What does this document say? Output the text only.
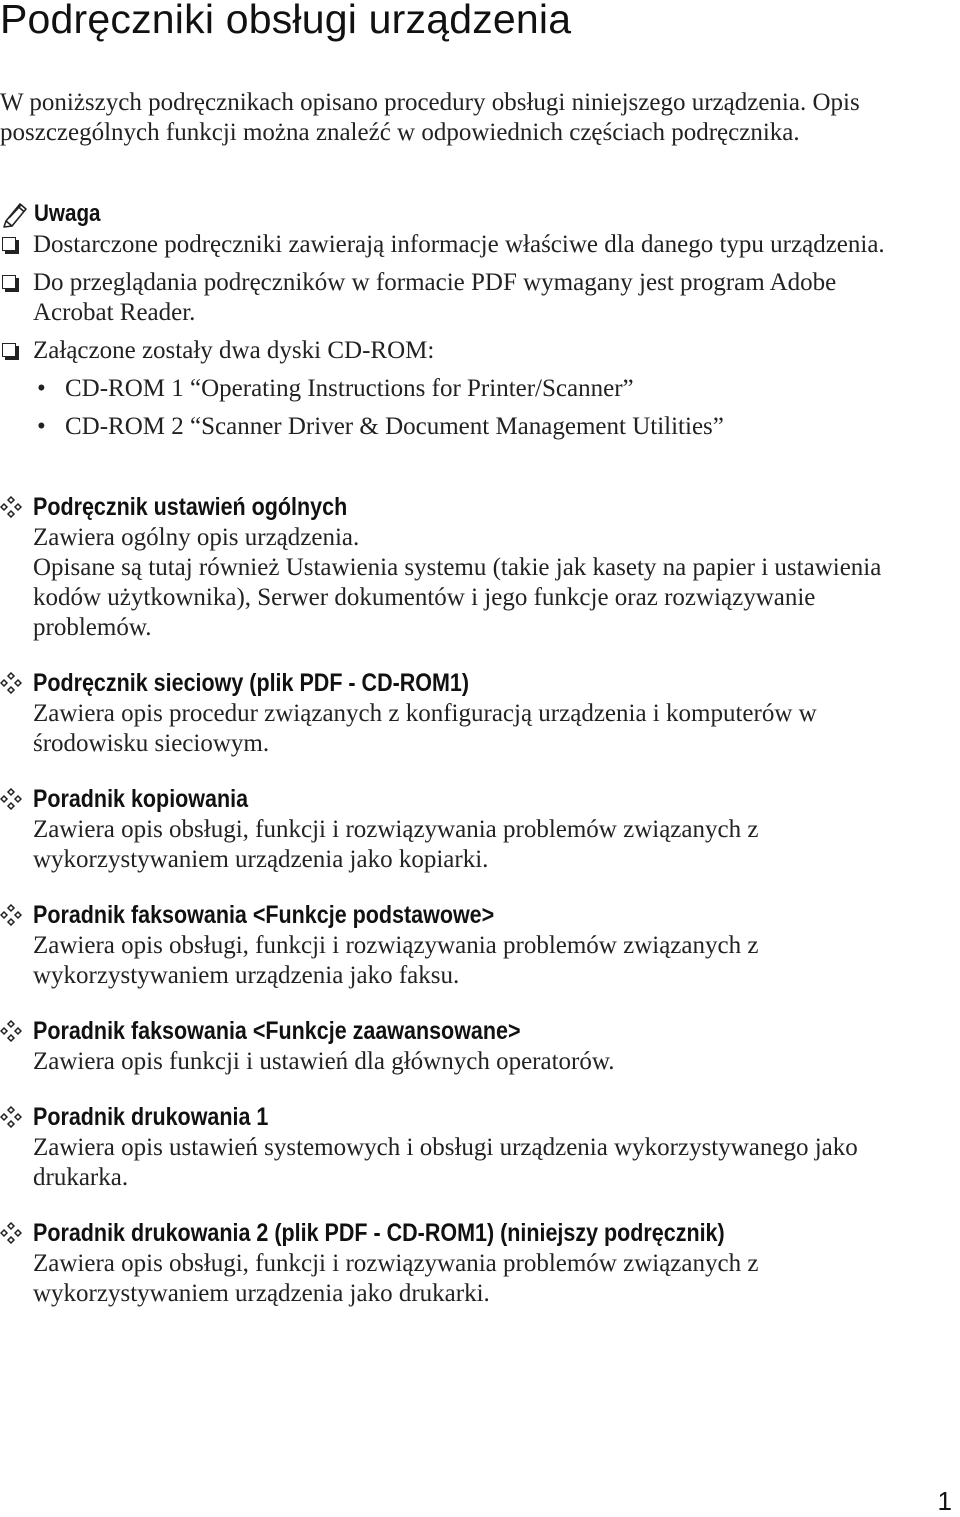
Podręczniki obsługi urządzenia

W poniższych podręcznikach opisano procedury obsługi niniejszego urządzenia. Opis poszczególnych funkcji można znaleźć w odpowiednich częściach podręcznika.

Uwaga
Dostarczone podręczniki zawierają informacje właściwe dla danego typu urządzenia.
Do przeglądania podręczników w formacie PDF wymagany jest program Adobe Acrobat Reader.
Załączone zostały dwa dyski CD-ROM:
• CD-ROM 1 “Operating Instructions for Printer/Scanner”
• CD-ROM 2 “Scanner Driver & Document Management Utilities”
Podręcznik ustawień ogólnych

Zawiera ogólny opis urządzenia.

Opisane są tutaj również Ustawienia systemu (takie jak kasety na papier i ustawienia kodów użytkownika), Serwer dokumentów i jego funkcje oraz rozwiązywanie problemów.

Podręcznik sieciowy (plik PDF - CD-ROM1)

Zawiera opis procedur związanych z konfiguracją urządzenia i komputerów w środowisku sieciowym.

Poradnik kopiowania

Zawiera opis obsługi, funkcji i rozwiązywania problemów związanych z wykorzystywaniem urządzenia jako kopiarki.

Poradnik faksowania <Funkcje podstawowe>

Zawiera opis obsługi, funkcji i rozwiązywania problemów związanych z wykorzystywaniem urządzenia jako faksu.

Poradnik faksowania <Funkcje zaawansowane>

Zawiera opis funkcji i ustawień dla głównych operatorów.

Poradnik drukowania 1

Zawiera opis ustawień systemowych i obsługi urządzenia wykorzystywanego jako drukarka.

Poradnik drukowania 2 (plik PDF - CD-ROM1) (niniejszy podręcznik)

Zawiera opis obsługi, funkcji i rozwiązywania problemów związanych z wykorzystywaniem urządzenia jako drukarki.

1
